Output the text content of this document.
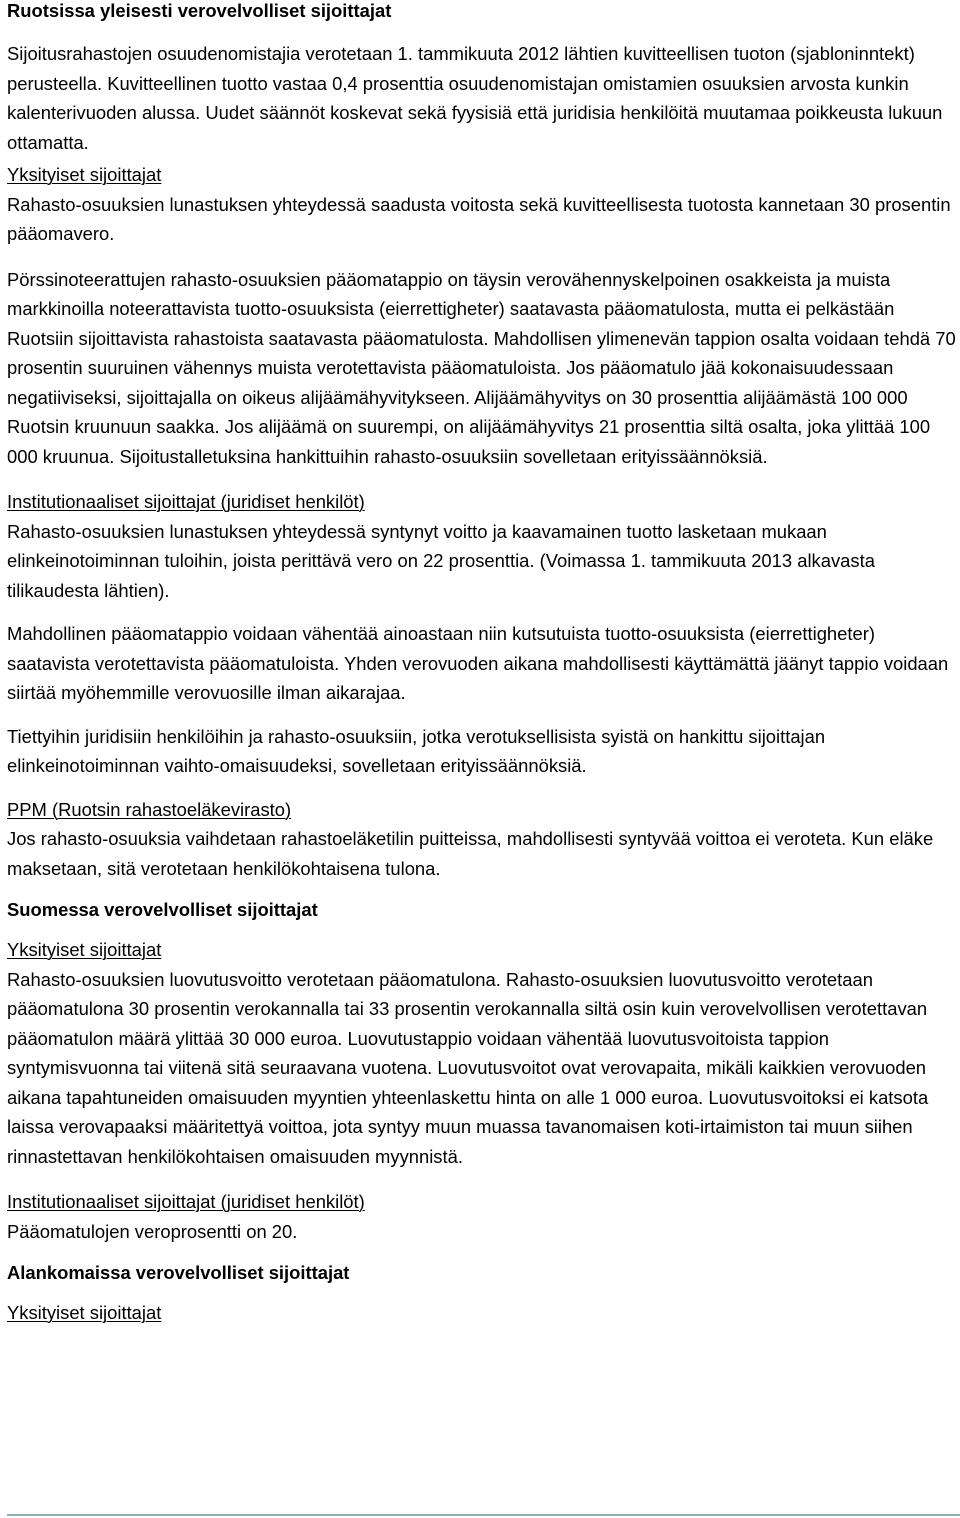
Ruotsissa yleisesti verovelvolliset sijoittajat

Sijoitusrahastojen osuudenomistajia verotetaan 1. tammikuuta 2012 lähtien kuvitteellisen tuoton (sjabloninntekt) perusteella. Kuvitteellinen tuotto vastaa 0,4 prosenttia osuudenomistajan omistamien osuuksien arvosta kunkin kalenterivuoden alussa. Uudet säännöt koskevat sekä fyysisiä että juridisia henkilöitä muutamaa poikkeusta lukuun ottamatta.

Yksityiset sijoittajat

Rahasto-osuuksien lunastuksen yhteydessä saadusta voitosta sekä kuvitteellisesta tuotosta kannetaan 30 prosentin pääomavero.

Pörssinoteerattujen rahasto-osuuksien pääomatappio on täysin verovähennyskelpoinen osakkeista ja muista markkinoilla noteerattavista tuotto-osuuksista (eierrettigheter) saatavasta pääomatulosta, mutta ei pelkästään Ruotsiin sijoittavista rahastoista saatavasta pääomatulosta. Mahdollisen ylimenevän tappion osalta voidaan tehdä 70 prosentin suuruinen vähennys muista verotettavista pääomatuloista. Jos pääomatulo jää kokonaisuudessaan negatiiviseksi, sijoittajalla on oikeus alijäämähyvitykseen. Alijäämähyvitys on 30 prosenttia alijäämästä 100 000 Ruotsin kruunuun saakka. Jos alijäämä on suurempi, on alijäämähyvitys 21 prosenttia siltä osalta, joka ylittää 100 000 kruunua. Sijoitustalletuksina hankittuihin rahasto-osuuksiin sovelletaan erityissäännöksiä.

Institutionaaliset sijoittajat (juridiset henkilöt)

Rahasto-osuuksien lunastuksen yhteydessä syntynyt voitto ja kaavamainen tuotto lasketaan mukaan elinkeinotoiminnan tuloihin, joista perittävä vero on 22 prosenttia. (Voimassa 1. tammikuuta 2013 alkavasta tilikaudesta lähtien).

Mahdollinen pääomatappio voidaan vähentää ainoastaan niin kutsutuista tuotto-osuuksista (eierrettigheter) saatavista verotettavista pääomatuloista. Yhden verovuoden aikana mahdollisesti käyttämättä jäänyt tappio voidaan siirtää myöhemmille verovuosille ilman aikarajaa.

Tiettyihin juridisiin henkilöihin ja rahasto-osuuksiin, jotka verotuksellisista syistä on hankittu sijoittajan elinkeinotoiminnan vaihto-omaisuudeksi, sovelletaan erityissäännöksiä.

PPM (Ruotsin rahastoeläkevirasto)

Jos rahasto-osuuksia vaihdetaan rahastoeläketilin puitteissa, mahdollisesti syntyvää voittoa ei veroteta. Kun eläke maksetaan, sitä verotetaan henkilökohtaisena tulona.

Suomessa verovelvolliset sijoittajat

Yksityiset sijoittajat

Rahasto-osuuksien luovutusvoitto verotetaan pääomatulona. Rahasto-osuuksien luovutusvoitto verotetaan pääomatulona 30 prosentin verokannalla tai 33 prosentin verokannalla siltä osin kuin verovelvollisen verotettavan pääomatulon määrä ylittää 30 000 euroa. Luovutustappio voidaan vähentää luovutusvoitoista tappion syntymisvuonna tai viitenä sitä seuraavana vuotena. Luovutusvoitot ovat verovapaita, mikäli kaikkien verovuoden aikana tapahtuneiden omaisuuden myyntien yhteenlaskettu hinta on alle 1 000 euroa. Luovutusvoitoksi ei katsota laissa verovapaaksi määritettyä voittoa, jota syntyy muun muassa tavanomaisen koti-irtaimiston tai muun siihen rinnastettavan henkilökohtaisen omaisuuden myynnistä.

Institutionaaliset sijoittajat (juridiset henkilöt)

Pääomatulojen veroprosentti on 20.

Alankomaissa verovelvolliset sijoittajat

Yksityiset sijoittajat
